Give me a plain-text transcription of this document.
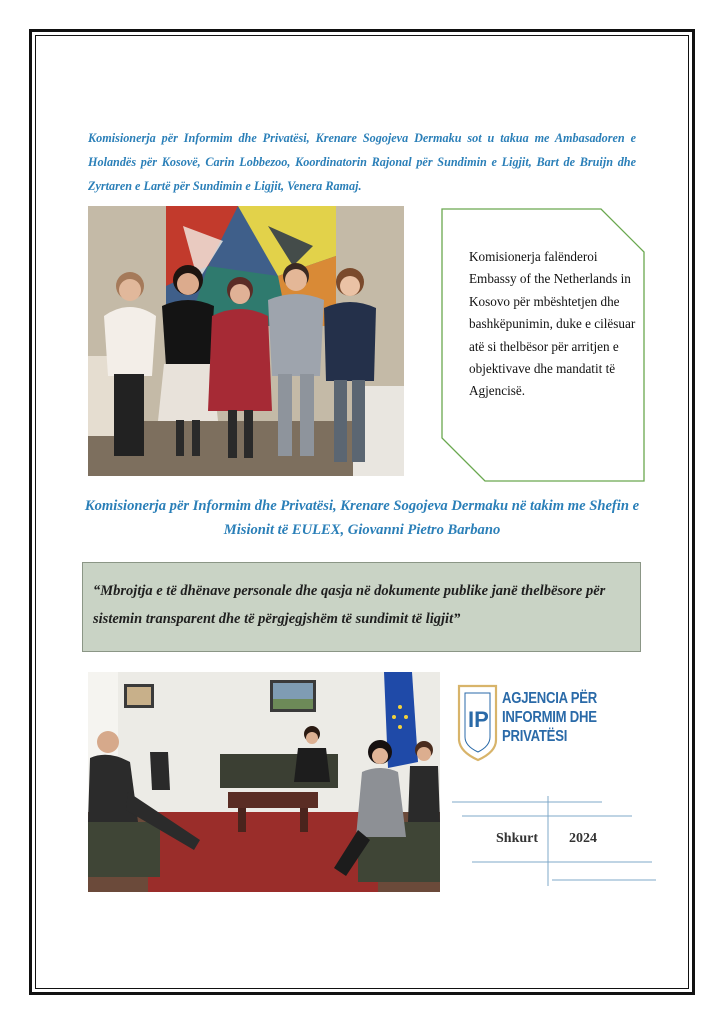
Komisionerja për Informim dhe Privatësi, Krenare Sogojeva Dermaku sot u takua me Ambasadoren e Holandës për Kosovë, Carin Lobbezoo, Koordinatorin Rajonal për Sundimin e Ligjit, Bart de Bruijn dhe Zyrtaren e Lartë për Sundimin e Ligjit, Venera Ramaj.

Komisionerja falënderoi Embassy of the Netherlands in Kosovo për mbështetjen dhe bashkëpunimin, duke e cilësuar atë si thelbësor për arritjen e objektivave dhe mandatit të Agjencisë.

Komisionerja për Informim dhe Privatësi, Krenare Sogojeva Dermaku në takim me Shefin e Misionit të EULEX, Giovanni Pietro Barbano

“Mbrojtja e të dhënave personale dhe qasja në dokumente publike janë thelbësore për sistemin transparent dhe të përgjegjshëm të sundimit të ligjit”

IP
AGJENCIA PËR
INFORMIM DHE
PRIVATËSI
Shkurt 2024
